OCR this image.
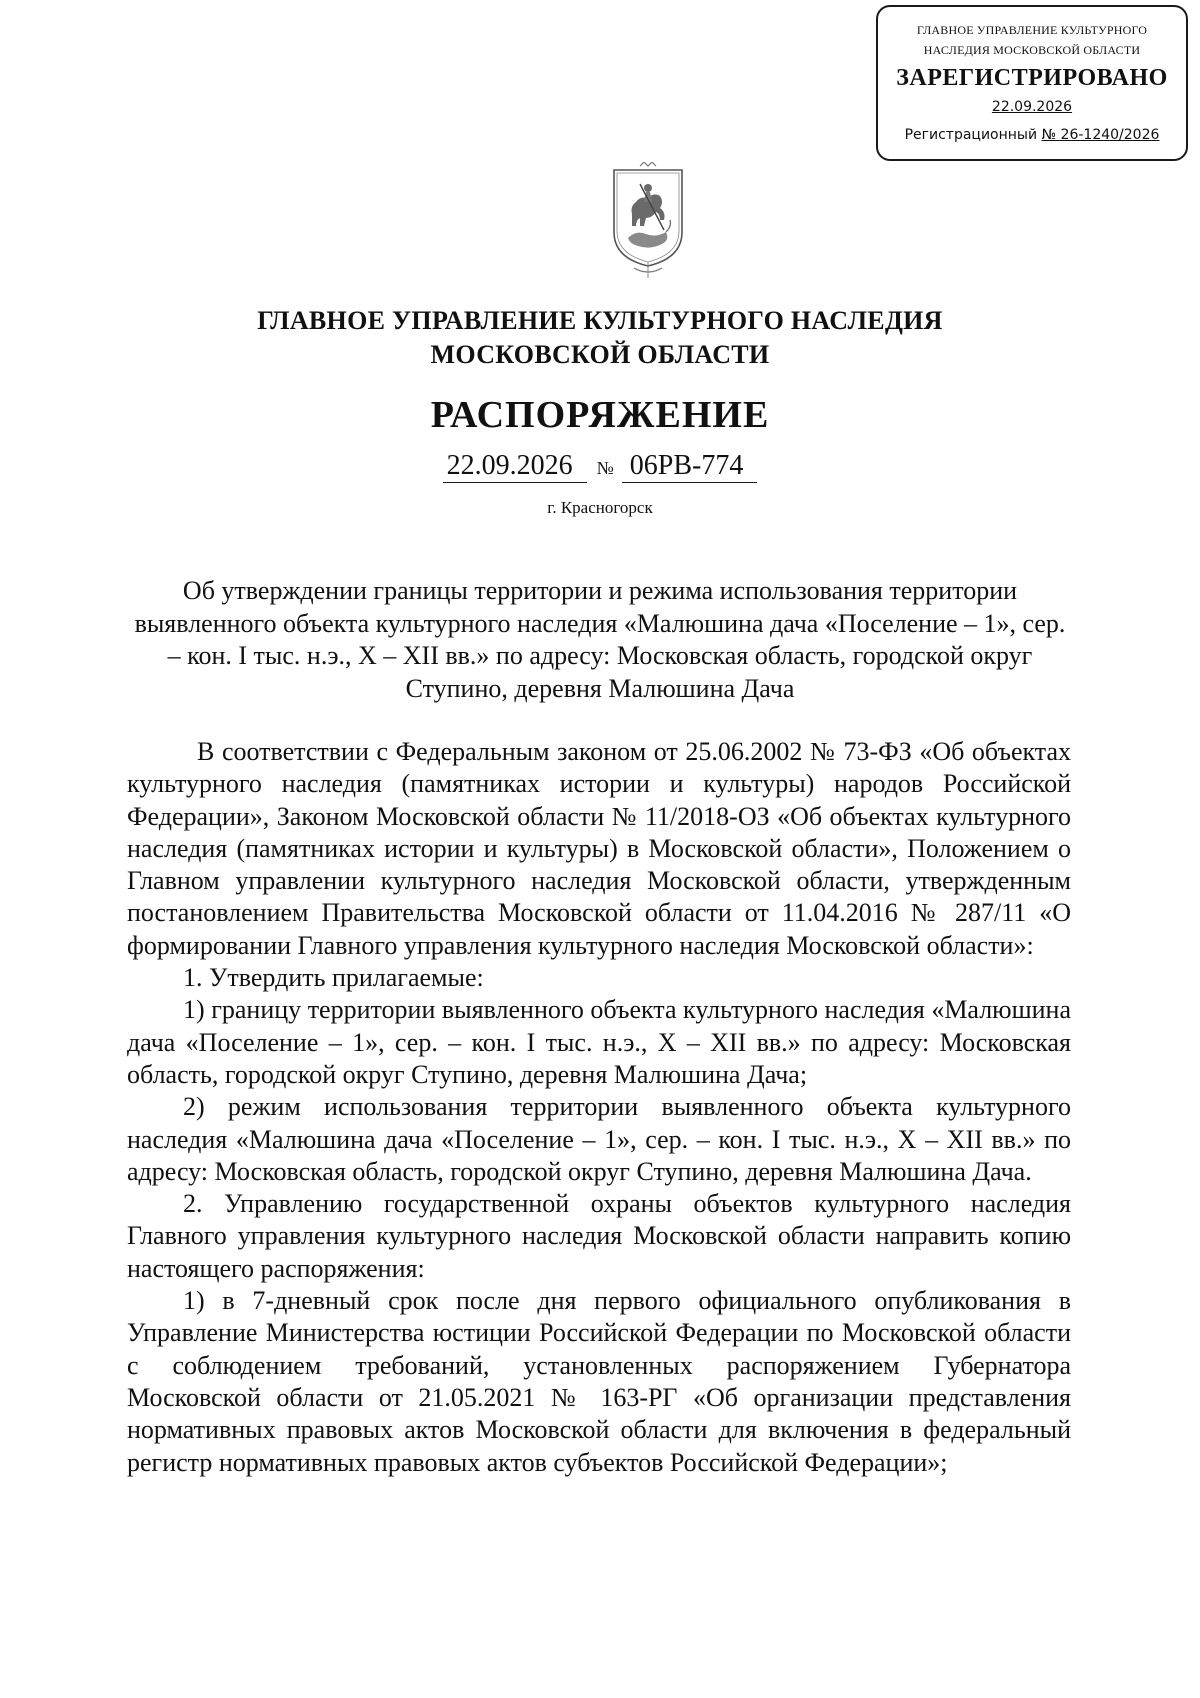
ГЛАВНОЕ УПРАВЛЕНИЕ КУЛЬТУРНОГО
НАСЛЕДИЯ МОСКОВСКОЙ ОБЛАСТИ
ЗАРЕГИСТРИРОВАНО
22.09.2026
Регистрационный № 26-1240/2026
ГЛАВНОЕ УПРАВЛЕНИЕ КУЛЬТУРНОГО НАСЛЕДИЯ
МОСКОВСКОЙ ОБЛАСТИ
РАСПОРЯЖЕНИЕ
22.09.2026 № 06РВ-774
г. Красногорск
Об утверждении границы территории и режима использования территории
выявленного объекта культурного наследия «Малюшина дача «Поселение – 1», сер.
– кон. I тыс. н.э., X – XII вв.» по адресу: Московская область, городской округ
Ступино, деревня Малюшина Дача

В соответствии с Федеральным законом от 25.06.2002 № 73-ФЗ «Об объектах культурного наследия (памятниках истории и культуры) народов Российской Федерации», Законом Московской области № 11/2018-ОЗ «Об объектах культурного наследия (памятниках истории и культуры) в Московской области», Положением о Главном управлении культурного наследия Московской области, утвержденным постановлением Правительства Московской области от 11.04.2016 № 287/11 «О формировании Главного управления культурного наследия Московской области»:

1. Утвердить прилагаемые:

1) границу территории выявленного объекта культурного наследия «Малюшина дача «Поселение – 1», сер. – кон. I тыс. н.э., X – XII вв.» по адресу: Московская область, городской округ Ступино, деревня Малюшина Дача;

2) режим использования территории выявленного объекта культурного наследия «Малюшина дача «Поселение – 1», сер. – кон. I тыс. н.э., X – XII вв.» по адресу: Московская область, городской округ Ступино, деревня Малюшина Дача.

2. Управлению государственной охраны объектов культурного наследия Главного управления культурного наследия Московской области направить копию настоящего распоряжения:

1) в 7-дневный срок после дня первого официального опубликования в Управление Министерства юстиции Российской Федерации по Московской области с соблюдением требований, установленных распоряжением Губернатора Московской области от 21.05.2021 № 163-РГ «Об организации представления нормативных правовых актов Московской области для включения в федеральный регистр нормативных правовых актов субъектов Российской Федерации»;
